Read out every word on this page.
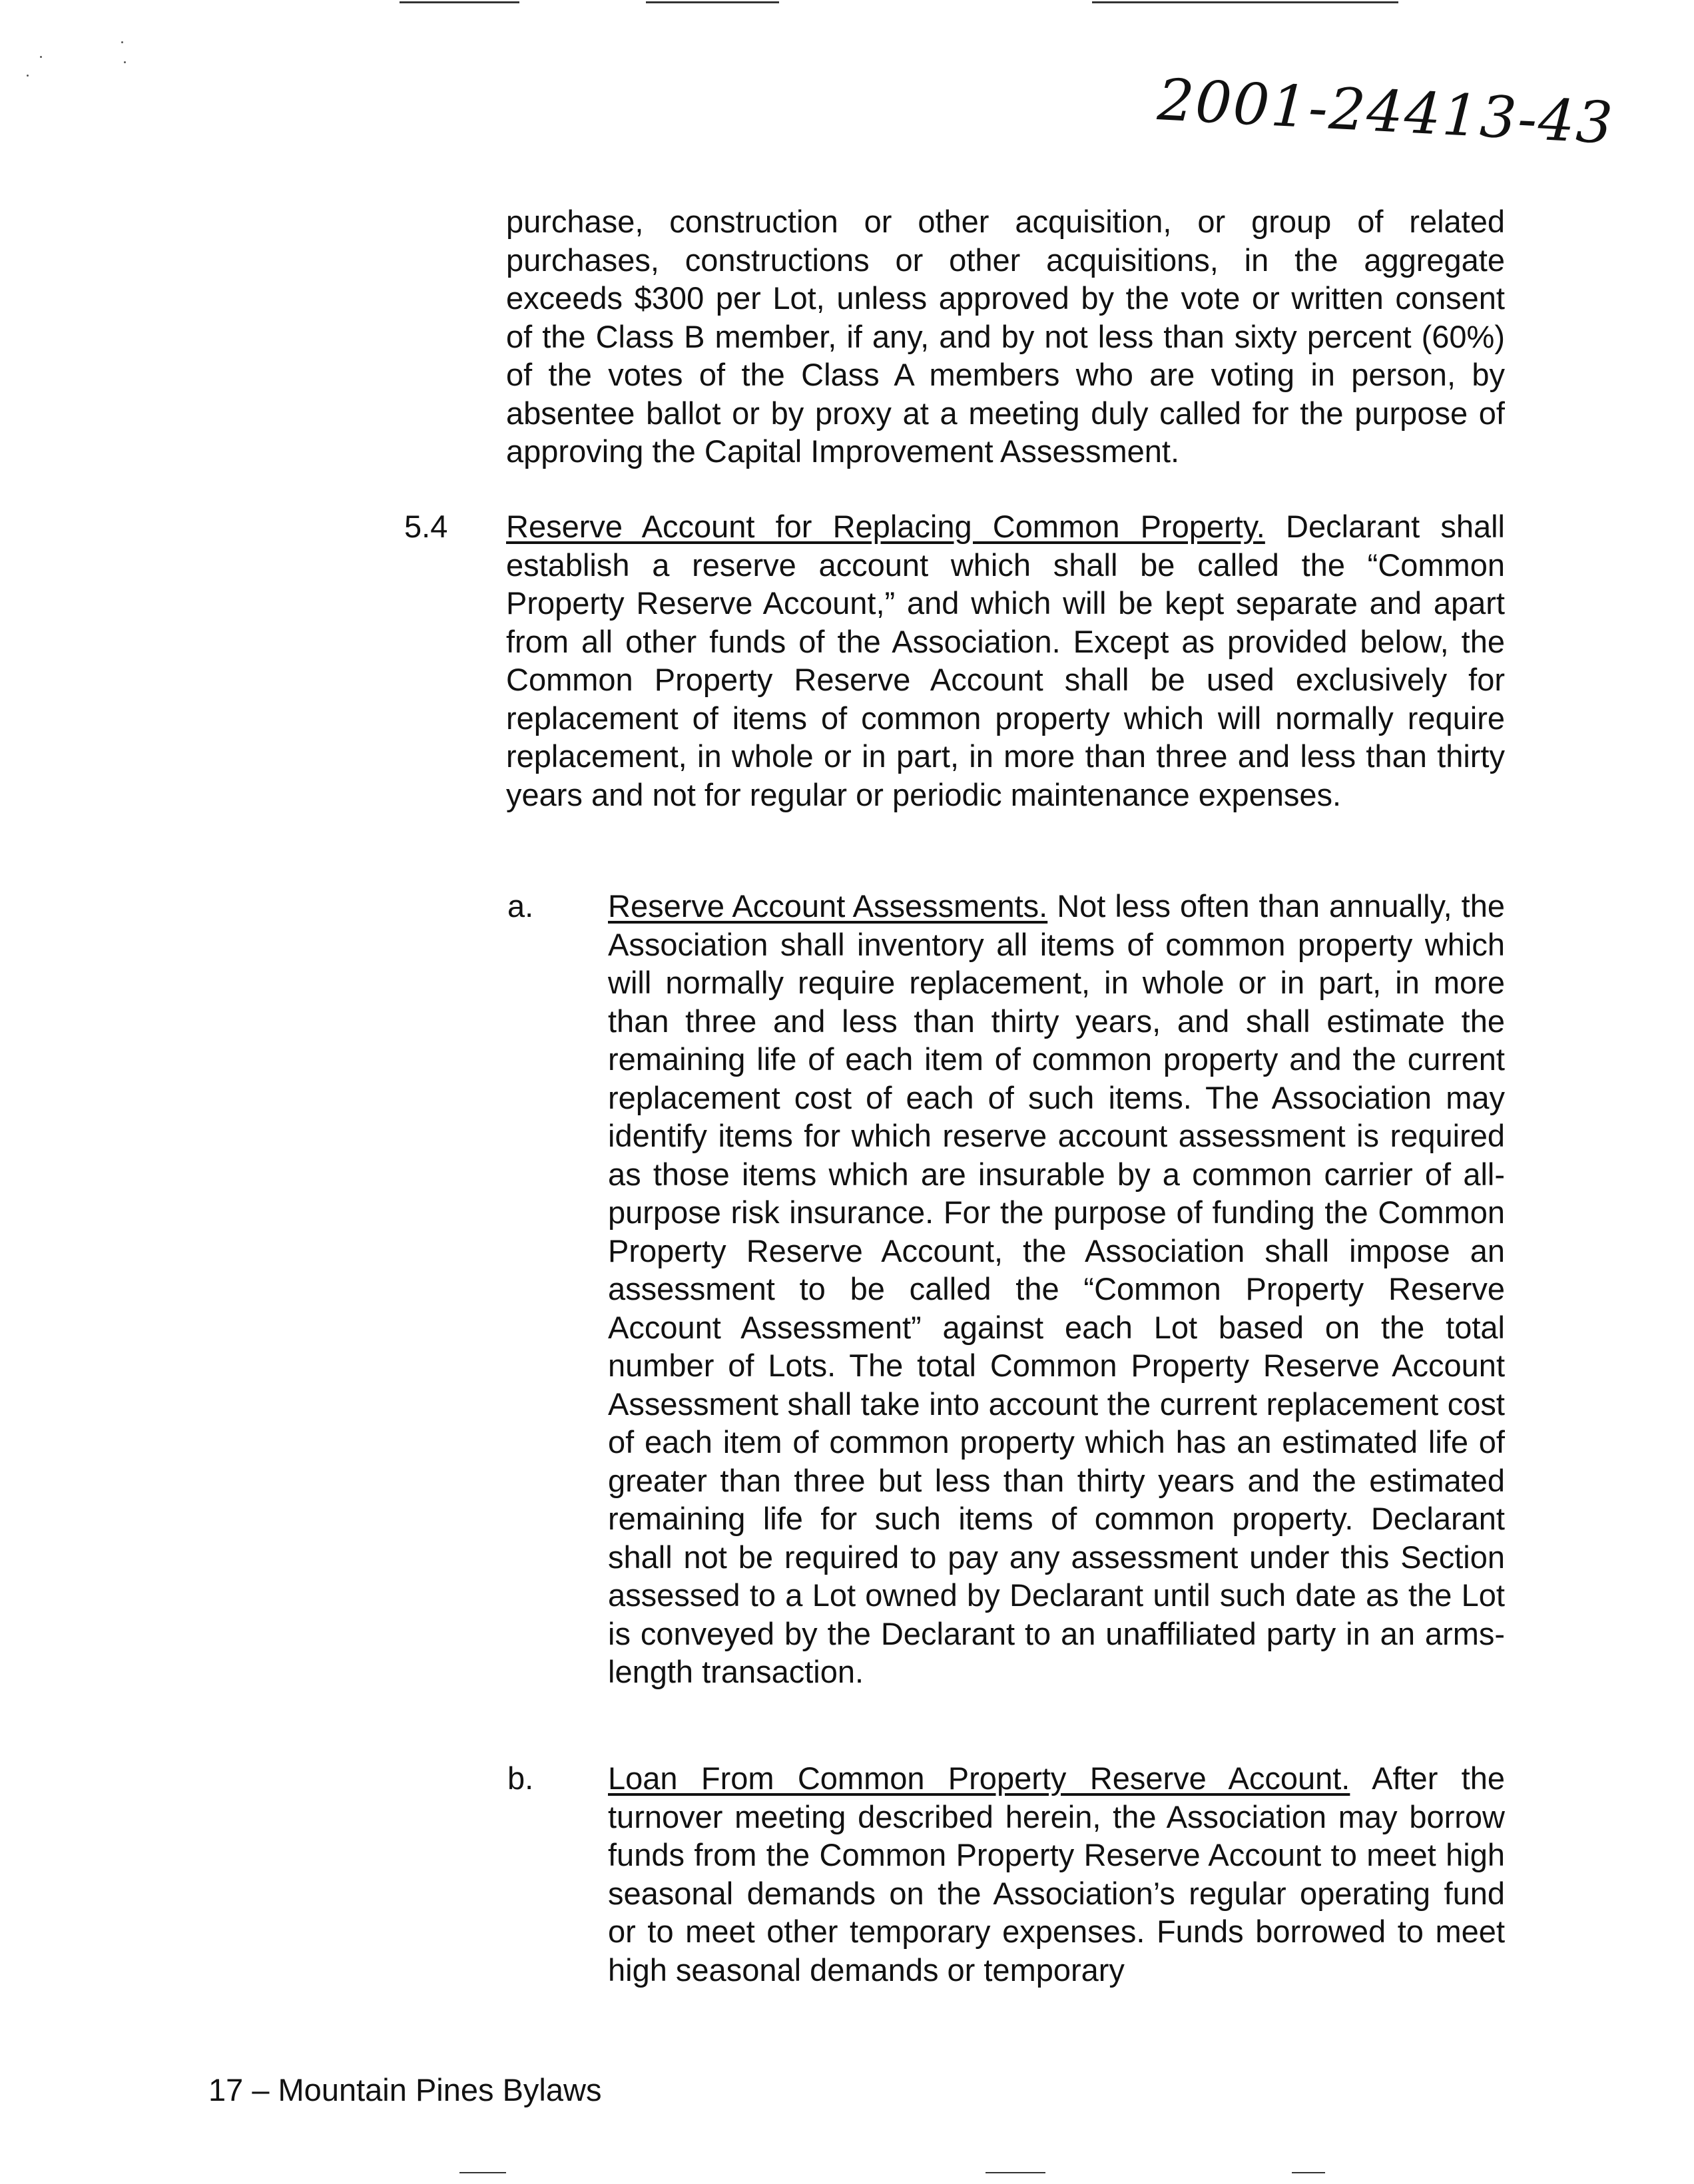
2001-24413-43

purchase, construction or other acquisition, or group of related purchases, constructions or other acquisitions, in the aggregate exceeds $300 per Lot, unless approved by the vote or written consent of the Class B member, if any, and by not less than sixty percent (60%) of the votes of the Class A members who are voting in person, by absentee ballot or by proxy at a meeting duly called for the purpose of approving the Capital Improvement Assessment.

5.4 Reserve Account for Replacing Common Property. Declarant shall establish a reserve account which shall be called the “Common Property Reserve Account,” and which will be kept separate and apart from all other funds of the Association. Except as provided below, the Common Property Reserve Account shall be used exclusively for replacement of items of common property which will normally require replacement, in whole or in part, in more than three and less than thirty years and not for regular or periodic maintenance expenses.

a. Reserve Account Assessments. Not less often than annually, the Association shall inventory all items of common property which will normally require replacement, in whole or in part, in more than three and less than thirty years, and shall estimate the remaining life of each item of common property and the current replacement cost of each of such items. The Association may identify items for which reserve account assessment is required as those items which are insurable by a common carrier of all-purpose risk insurance. For the purpose of funding the Common Property Reserve Account, the Association shall impose an assessment to be called the “Common Property Reserve Account Assessment” against each Lot based on the total number of Lots. The total Common Property Reserve Account Assessment shall take into account the current replacement cost of each item of common property which has an estimated life of greater than three but less than thirty years and the estimated remaining life for such items of common property. Declarant shall not be required to pay any assessment under this Section assessed to a Lot owned by Declarant until such date as the Lot is conveyed by the Declarant to an unaffiliated party in an arms-length transaction.

b. Loan From Common Property Reserve Account. After the turnover meeting described herein, the Association may borrow funds from the Common Property Reserve Account to meet high seasonal demands on the Association’s regular operating fund or to meet other temporary expenses. Funds borrowed to meet high seasonal demands or temporary

17 – Mountain Pines Bylaws
